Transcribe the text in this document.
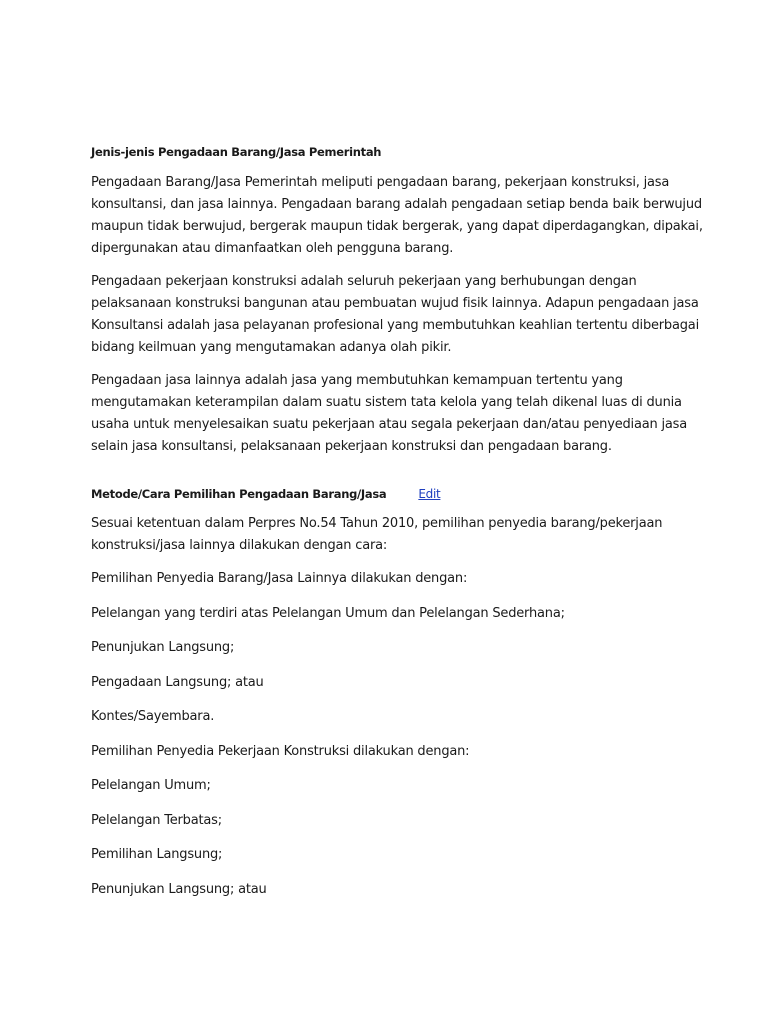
Jenis-jenis Pengadaan Barang/Jasa Pemerintah
Pengadaan Barang/Jasa Pemerintah meliputi pengadaan barang, pekerjaan konstruksi, jasa
konsultansi, dan jasa lainnya. Pengadaan barang adalah pengadaan setiap benda baik berwujud
maupun tidak berwujud, bergerak maupun tidak bergerak, yang dapat diperdagangkan, dipakai,
dipergunakan atau dimanfaatkan oleh pengguna barang.
Pengadaan pekerjaan konstruksi adalah seluruh pekerjaan yang berhubungan dengan
pelaksanaan konstruksi bangunan atau pembuatan wujud fisik lainnya. Adapun pengadaan jasa
Konsultansi adalah jasa pelayanan profesional yang membutuhkan keahlian tertentu diberbagai
bidang keilmuan yang mengutamakan adanya olah pikir.
Pengadaan jasa lainnya adalah jasa yang membutuhkan kemampuan tertentu yang
mengutamakan keterampilan dalam suatu sistem tata kelola yang telah dikenal luas di dunia
usaha untuk menyelesaikan suatu pekerjaan atau segala pekerjaan dan/atau penyediaan jasa
selain jasa konsultansi, pelaksanaan pekerjaan konstruksi dan pengadaan barang.
Metode/Cara Pemilihan Pengadaan Barang/Jasa	Edit
Sesuai ketentuan dalam Perpres No.54 Tahun 2010, pemilihan penyedia barang/pekerjaan
konstruksi/jasa lainnya dilakukan dengan cara:
Pemilihan Penyedia Barang/Jasa Lainnya dilakukan dengan:
Pelelangan yang terdiri atas Pelelangan Umum dan Pelelangan Sederhana;
Penunjukan Langsung;
Pengadaan Langsung; atau
Kontes/Sayembara.
Pemilihan Penyedia Pekerjaan Konstruksi dilakukan dengan:
Pelelangan Umum;
Pelelangan Terbatas;
Pemilihan Langsung;
Penunjukan Langsung; atau
